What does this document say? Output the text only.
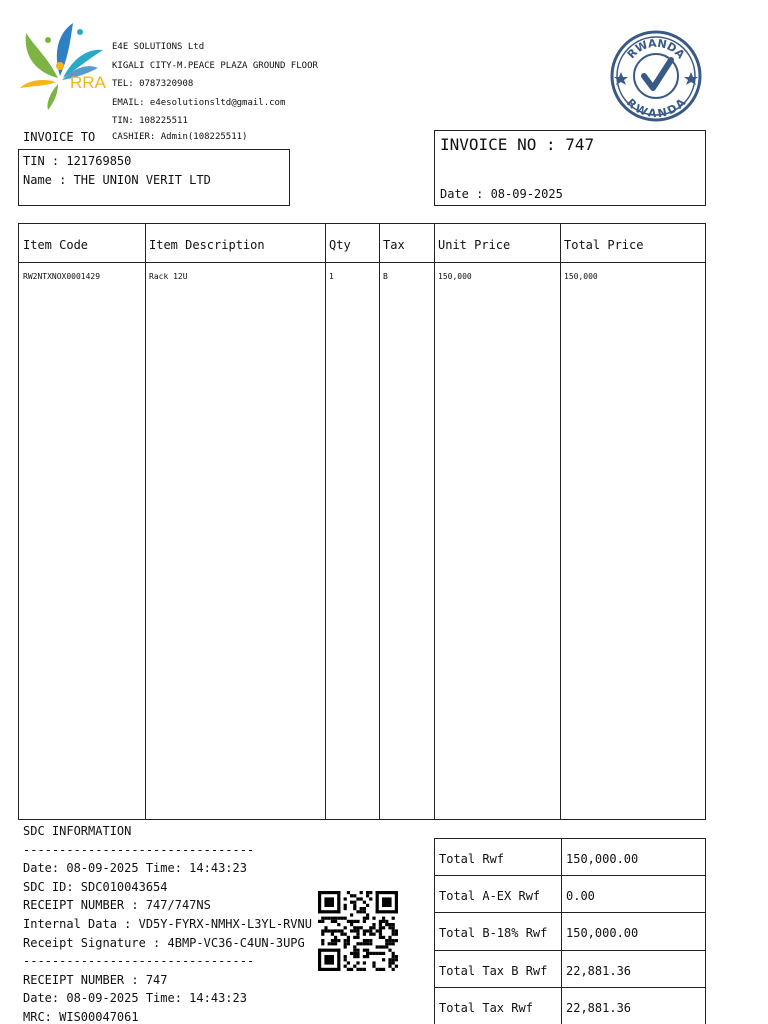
RRA
E4E SOLUTIONS Ltd
KIGALI CITY-M.PEACE PLAZA GROUND FLOOR
TEL: 0787320908
EMAIL: e4esolutionsltd@gmail.com
TIN: 108225511
RWANDA
RWANDA
INVOICE TO CASHIER: Admin(108225511)
TIN : 121769850
Name : THE UNION VERIT LTD
INVOICE NO : 747
Date : 08-09-2025
Item Code	Item Description	Qty	Tax	Unit Price	Total Price
RW2NTXNOX0001429	Rack 12U	1	B	150,000	150,000
SDC INFORMATION
--------------------------------
Date: 08-09-2025 Time: 14:43:23
SDC ID: SDC010043654
RECEIPT NUMBER : 747/747NS
Internal Data : VD5Y-FYRX-NMHX-L3YL-RVNU
Receipt Signature : 4BMP-VC36-C4UN-3UPG
--------------------------------
RECEIPT NUMBER : 747
Date: 08-09-2025 Time: 14:43:23
MRC: WIS00047061
Total Rwf	150,000.00
Total A-EX Rwf	0.00
Total B-18% Rwf	150,000.00
Total Tax B Rwf	22,881.36
Total Tax Rwf	22,881.36
